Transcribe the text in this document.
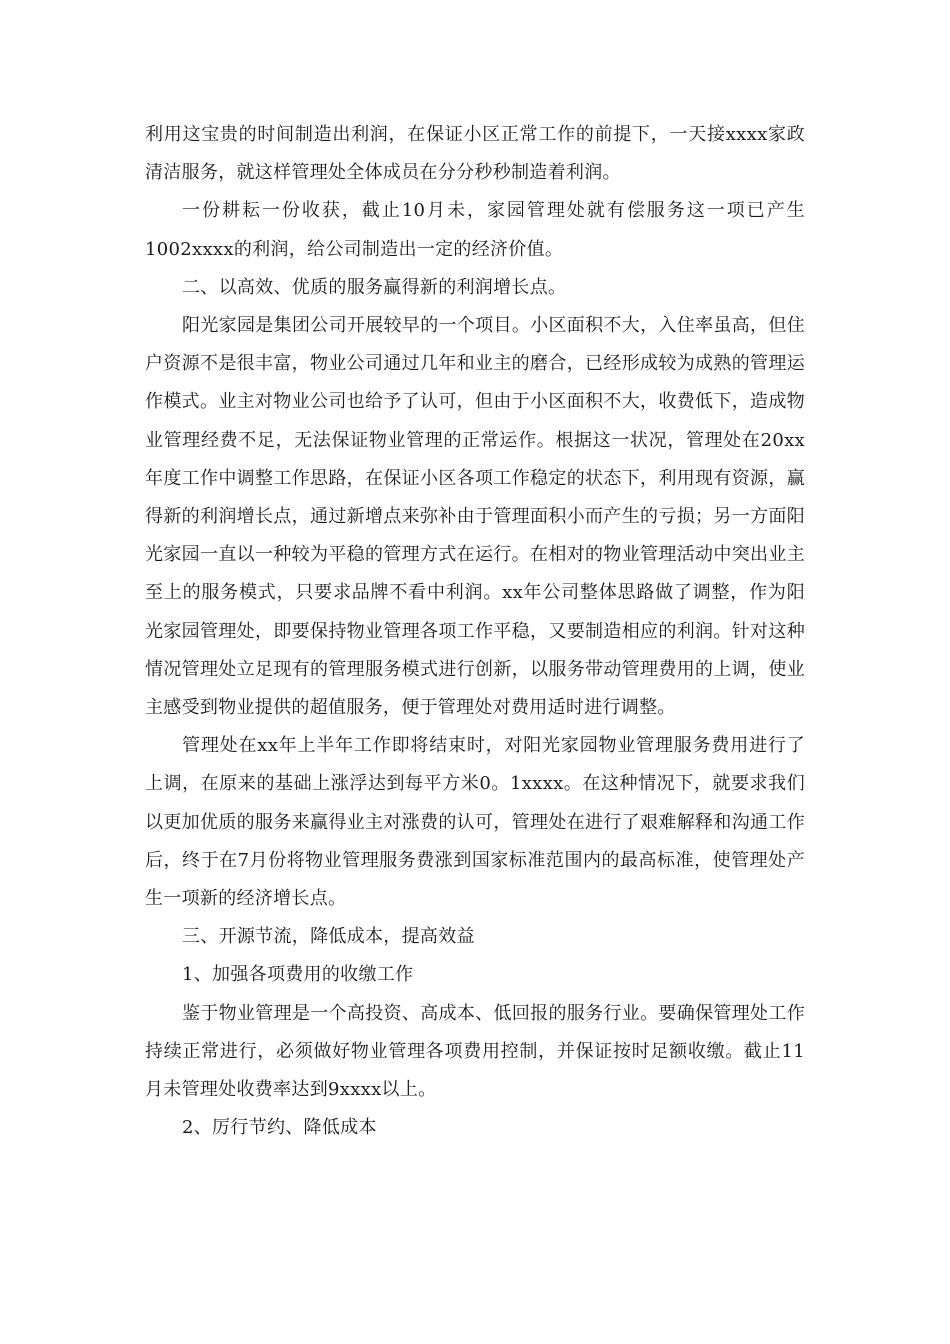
利用这宝贵的时间制造出利润，在保证小区正常工作的前提下，一天接xxxx家政清洁服务，就这样管理处全体成员在分分秒秒制造着利润。

一份耕耘一份收获，截止10月未，家园管理处就有偿服务这一项已产生1002xxxx的利润，给公司制造出一定的经济价值。

二、以高效、优质的服务赢得新的利润增长点。

阳光家园是集团公司开展较早的一个项目。小区面积不大，入住率虽高，但住户资源不是很丰富，物业公司通过几年和业主的磨合，已经形成较为成熟的管理运作模式。业主对物业公司也给予了认可，但由于小区面积不大，收费低下，造成物业管理经费不足，无法保证物业管理的正常运作。根据这一状况，管理处在20xx年度工作中调整工作思路，在保证小区各项工作稳定的状态下，利用现有资源，赢得新的利润增长点，通过新增点来弥补由于管理面积小而产生的亏损；另一方面阳光家园一直以一种较为平稳的管理方式在运行。在相对的物业管理活动中突出业主至上的服务模式，只要求品牌不看中利润。xx年公司整体思路做了调整，作为阳光家园管理处，即要保持物业管理各项工作平稳，又要制造相应的利润。针对这种情况管理处立足现有的管理服务模式进行创新，以服务带动管理费用的上调，使业主感受到物业提供的超值服务，便于管理处对费用适时进行调整。

管理处在xx年上半年工作即将结束时，对阳光家园物业管理服务费用进行了上调，在原来的基础上涨浮达到每平方米0。1xxxx。在这种情况下，就要求我们以更加优质的服务来赢得业主对涨费的认可，管理处在进行了艰难解释和沟通工作后，终于在7月份将物业管理服务费涨到国家标准范围内的最高标准，使管理处产生一项新的经济增长点。

三、开源节流，降低成本，提高效益

1、加强各项费用的收缴工作

鉴于物业管理是一个高投资、高成本、低回报的服务行业。要确保管理处工作持续正常进行，必须做好物业管理各项费用控制，并保证按时足额收缴。截止11月未管理处收费率达到9xxxx以上。

2、厉行节约、降低成本
